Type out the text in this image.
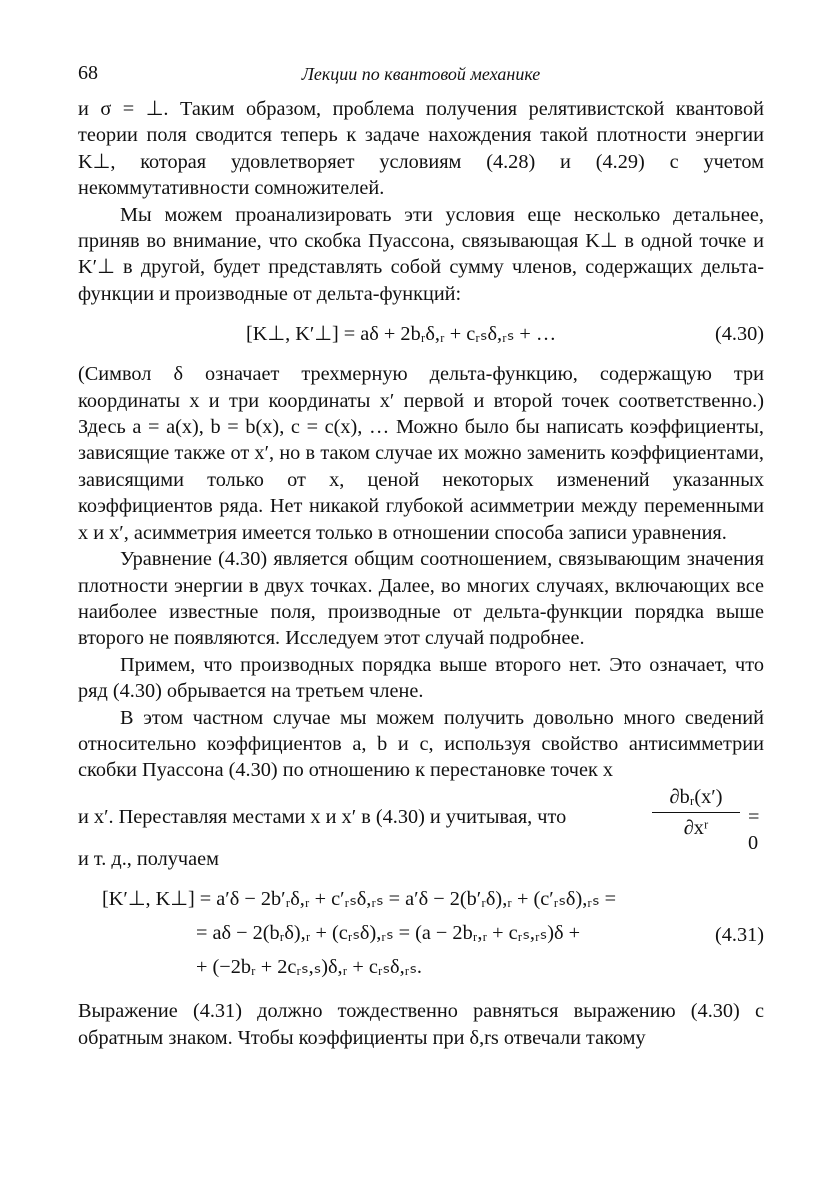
68	Лекции по квантовой механике

и σ = ⊥. Таким образом, проблема получения релятивистской квантовой теории поля сводится теперь к задаче нахождения такой плотности энергии K⊥, которая удовлетворяет условиям (4.28) и (4.29) с учетом некоммутативности сомножителей.

Мы можем проанализировать эти условия еще несколько детальнее, приняв во внимание, что скобка Пуассона, связывающая K⊥ в одной точке и K′⊥ в другой, будет представлять собой сумму членов, содержащих дельта-функции и производные от дельта-функций:

[K⊥, K′⊥] = aδ + 2bᵣδ,ᵣ + cᵣₛδ,ᵣₛ + …	(4.30)

(Символ δ означает трехмерную дельта-функцию, содержащую три координаты x и три координаты x′ первой и второй точек соответственно.) Здесь a = a(x), b = b(x), c = c(x), … Можно было бы написать коэффициенты, зависящие также от x′, но в таком случае их можно заменить коэффициентами, зависящими только от x, ценой некоторых изменений указанных коэффициентов ряда. Нет никакой глубокой асимметрии между переменными x и x′, асимметрия имеется только в отношении способа записи уравнения.

Уравнение (4.30) является общим соотношением, связывающим значения плотности энергии в двух точках. Далее, во многих случаях, включающих все наиболее известные поля, производные от дельта-функции порядка выше второго не появляются. Исследуем этот случай подробнее.

Примем, что производных порядка выше второго нет. Это означает, что ряд (4.30) обрывается на третьем члене.

В этом частном случае мы можем получить довольно много сведений относительно коэффициентов a, b и c, используя свойство антисимметрии скобки Пуассона (4.30) по отношению к перестановке точек x

и x′. Переставляя местами x и x′ в (4.30) и учитывая, что	$\frac{\text{∂bᵣ(x′)}}{\text{∂xʳ}} = 0$

и т. д., получаем

[K′⊥, K⊥] = a′δ − 2b′ᵣδ,ᵣ + c′ᵣₛδ,ᵣₛ = a′δ − 2(b′ᵣδ),ᵣ + (c′ᵣₛδ),ᵣₛ =
= aδ − 2(bᵣδ),ᵣ + (cᵣₛδ),ᵣₛ = (a − 2bᵣ,ᵣ + cᵣₛ,ᵣₛ)δ +
+ (−2bᵣ + 2cᵣₛ,ₛ)δ,ᵣ + cᵣₛδ,ᵣₛ.
(4.31)

Выражение (4.31) должно тождественно равняться выражению (4.30) с обратным знаком. Чтобы коэффициенты при δ,rs отвечали такому
